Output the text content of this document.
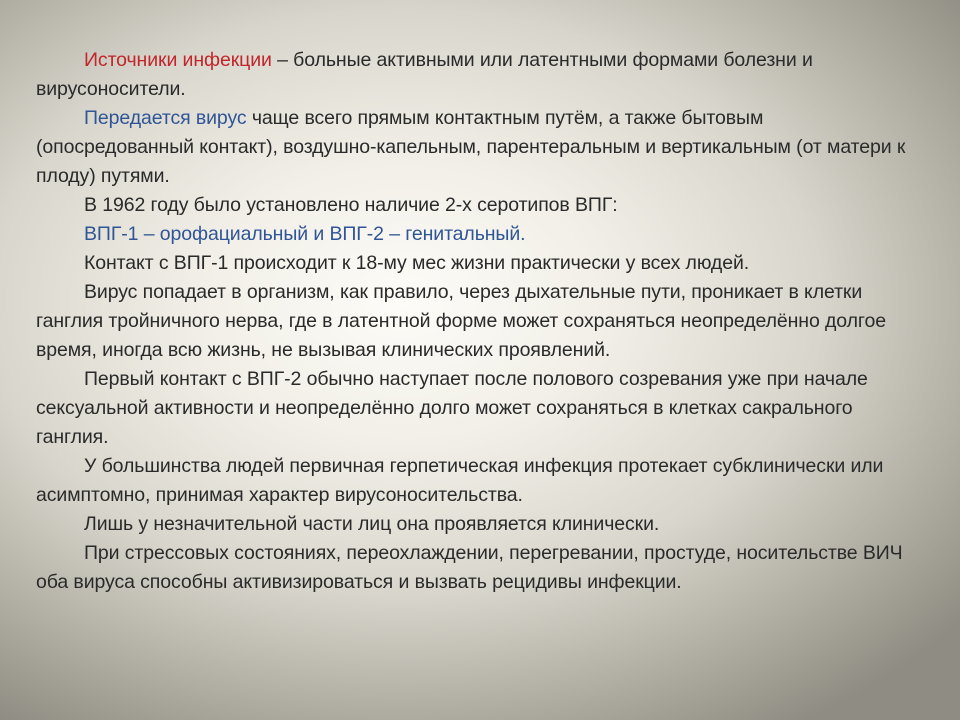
Источники инфекции – больные активными или латентными формами болезни и вирусоносители.

Передается вирус чаще всего прямым контактным путём, а также бытовым (опосредованный контакт), воздушно-капельным, парентеральным и вертикальным (от матери к плоду) путями.

В 1962 году было установлено наличие 2-х серотипов ВПГ:

ВПГ-1 – орофациальный и ВПГ-2 – генитальный.

Контакт с ВПГ-1 происходит к 18-му мес жизни практически у всех людей.

Вирус попадает в организм, как правило, через дыхательные пути, проникает в клетки ганглия тройничного нерва, где в латентной форме может сохраняться неопределённо долгое время, иногда всю жизнь, не вызывая клинических проявлений.

Первый контакт с ВПГ-2 обычно наступает после полового созревания уже при начале сексуальной активности и неопределённо долго может сохраняться в клетках сакрального ганглия.

У большинства людей первичная герпетическая инфекция протекает субклинически или асимптомно, принимая характер вирусоносительства.

Лишь у незначительной части лиц она проявляется клинически.

При стрессовых состояниях, переохлаждении, перегревании, простуде, носительстве ВИЧ оба вируса способны активизироваться и вызвать рецидивы инфекции.
